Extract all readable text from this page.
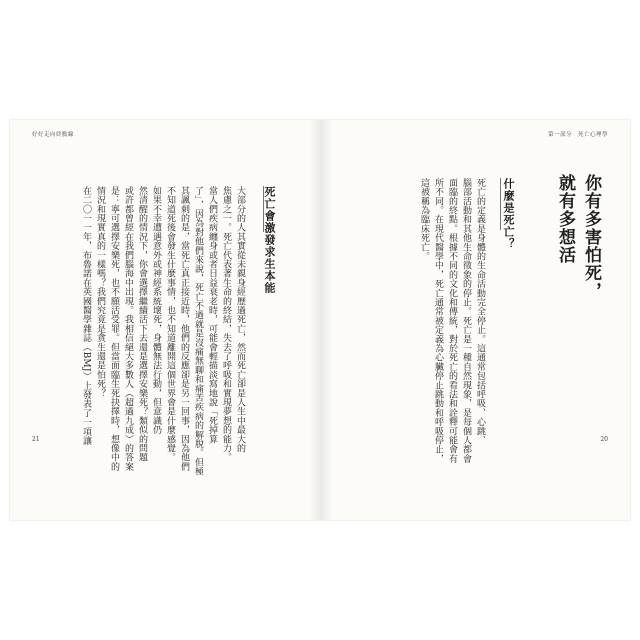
好好走向終點線
死亡會激發求生本能
大部分的人其實從未親身經歷過死亡，然而死亡卻是人生中最大的
焦慮之一。死亡代表著生命的終結，失去了呼吸和實現夢想的能力。
當人們疾病纏身或者日益衰老時，可能會輕描淡寫地說「死掉算
了」，因為對他們來說，死亡不過就是沒痛無聊和痛苦疾病的解脫。但極
其諷刺的是，當死亡真正接近時，他們的反應卻是另一回事，因為他們
不知道死後會發生什麼事情，也不知道離開這個世界會是什麼感覺。
如果不幸遭遇意外或神經系統壞死，身體無法行動，但意識仍
然清醒的情況下，你會選擇繼續活下去還是選擇安樂死？類似的問題
或許都曾經在我們腦海中出現。我相信絕大多數人（超過九成）的答案
是：寧可選擇安樂死，也不願活受罪。但當面臨生死抉擇時，想像中的
情況和現實真的一樣嗎？我們究竟是貪生還是怕死？
在二〇一一年，布魯諾在英國醫學雜誌（BMJ）上發表了一項讓
21
第一部分　死亡心理學
你有多害怕死，
就有多想活
什麼是死亡？
死亡的定義是身體的生命活動完全停止。這通常包括呼吸、心跳、
腦部活動和其他生命徵象的停止。死亡是一種自然現象，是每個人都會
面臨的終點。根據不同的文化和傳統，對於死亡的看法和詮釋可能會有
所不同。在現代醫學中，死亡通常被定義為心臟停止跳動和呼吸停止，
這被稱為臨床死亡。
20
